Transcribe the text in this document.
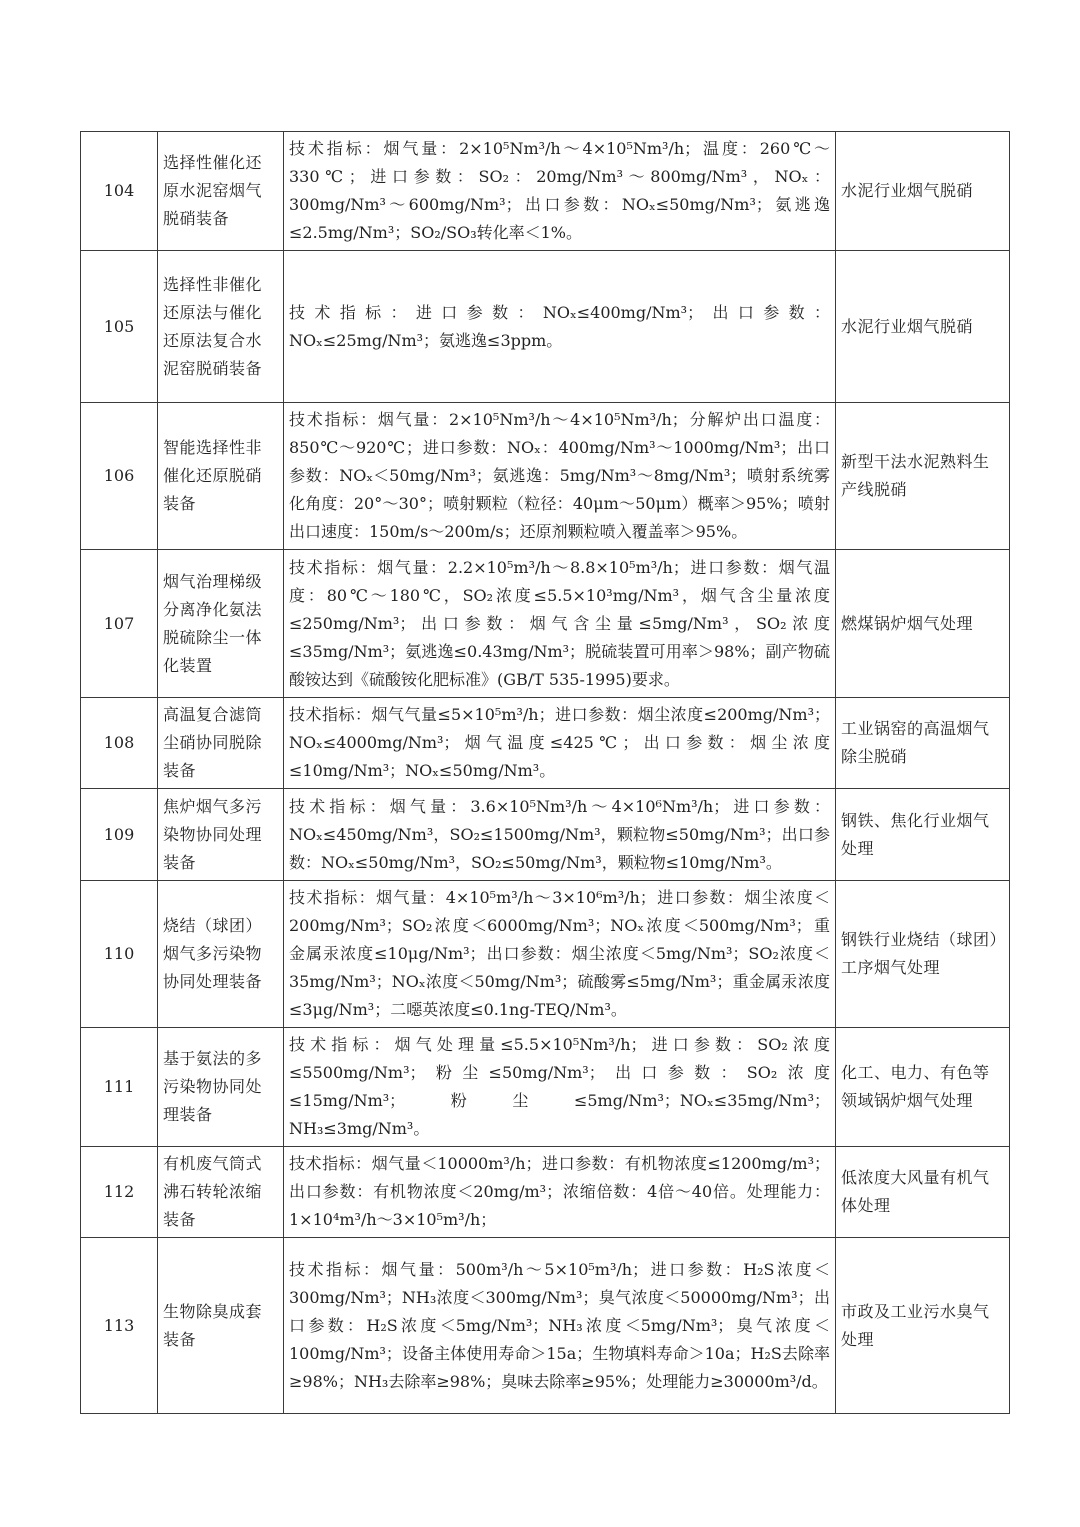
104	选择性催化还原水泥窑烟气脱硝装备	技术指标：烟气量：2×10⁵Nm³/h～4×10⁵Nm³/h；温度：260℃～330℃；进口参数：SO₂：20mg/Nm³～800mg/Nm³，NOₓ：300mg/Nm³～600mg/Nm³；出口参数：NOₓ≤50mg/Nm³；氨逃逸≤2.5mg/Nm³；SO₂/SO₃转化率＜1%。	水泥行业烟气脱硝
105	选择性非催化还原法与催化还原法复合水泥窑脱硝装备	技术指标：进口参数：NOₓ≤400mg/Nm³；出口参数：NOₓ≤25mg/Nm³；氨逃逸≤3ppm。	水泥行业烟气脱硝
106	智能选择性非催化还原脱硝装备	技术指标：烟气量：2×10⁵Nm³/h～4×10⁵Nm³/h；分解炉出口温度：850℃～920℃；进口参数：NOₓ：400mg/Nm³～1000mg/Nm³；出口参数：NOₓ＜50mg/Nm³；氨逃逸：5mg/Nm³～8mg/Nm³；喷射系统雾化角度：20°～30°；喷射颗粒（粒径：40μm～50μm）概率＞95%；喷射出口速度：150m/s～200m/s；还原剂颗粒喷入覆盖率＞95%。	新型干法水泥熟料生产线脱硝
107	烟气治理梯级分离净化氨法脱硫除尘一体化装置	技术指标：烟气量：2.2×10⁵m³/h～8.8×10⁵m³/h；进口参数：烟气温度：80℃～180℃，SO₂浓度≤5.5×10³mg/Nm³，烟气含尘量浓度≤250mg/Nm³；出口参数：烟气含尘量≤5mg/Nm³，SO₂浓度≤35mg/Nm³；氨逃逸≤0.43mg/Nm³；脱硫装置可用率＞98%；副产物硫酸铵达到《硫酸铵化肥标准》(GB/T 535-1995)要求。	燃煤锅炉烟气处理
108	高温复合滤筒尘硝协同脱除装备	技术指标：烟气气量≤5×10⁵m³/h；进口参数：烟尘浓度≤200mg/Nm³；NOₓ≤4000mg/Nm³；烟气温度≤425℃；出口参数：烟尘浓度≤10mg/Nm³；NOₓ≤50mg/Nm³。	工业锅窑的高温烟气除尘脱硝
109	焦炉烟气多污染物协同处理装备	技术指标：烟气量：3.6×10⁵Nm³/h～4×10⁶Nm³/h；进口参数：NOₓ≤450mg/Nm³，SO₂≤1500mg/Nm³，颗粒物≤50mg/Nm³；出口参数：NOₓ≤50mg/Nm³，SO₂≤50mg/Nm³，颗粒物≤10mg/Nm³。	钢铁、焦化行业烟气处理
110	烧结（球团）烟气多污染物协同处理装备	技术指标：烟气量：4×10⁵m³/h～3×10⁶m³/h；进口参数：烟尘浓度＜200mg/Nm³；SO₂浓度＜6000mg/Nm³；NOₓ浓度＜500mg/Nm³；重金属汞浓度≤10μg/Nm³；出口参数：烟尘浓度＜5mg/Nm³；SO₂浓度＜35mg/Nm³；NOₓ浓度＜50mg/Nm³；硫酸雾≤5mg/Nm³；重金属汞浓度≤3μg/Nm³；二噁英浓度≤0.1ng-TEQ/Nm³。	钢铁行业烧结（球团）工序烟气处理
111	基于氨法的多污染物协同处理装备	技术指标：烟气处理量≤5.5×10⁵Nm³/h；进口参数：SO₂浓度≤5500mg/Nm³；粉尘≤50mg/Nm³；出口参数：SO₂浓度≤15mg/Nm³；粉尘≤5mg/Nm³；NOₓ≤35mg/Nm³；NH₃≤3mg/Nm³。	化工、电力、有色等领域锅炉烟气处理
112	有机废气筒式沸石转轮浓缩装备	技术指标：烟气量＜10000m³/h；进口参数：有机物浓度≤1200mg/m³；出口参数：有机物浓度＜20mg/m³；浓缩倍数：4倍～40倍。处理能力：1×10⁴m³/h～3×10⁵m³/h；	低浓度大风量有机气体处理
113	生物除臭成套装备	技术指标：烟气量：500m³/h～5×10⁵m³/h；进口参数：H₂S浓度＜300mg/Nm³；NH₃浓度＜300mg/Nm³；臭气浓度＜50000mg/Nm³；出口参数：H₂S浓度＜5mg/Nm³；NH₃浓度＜5mg/Nm³；臭气浓度＜100mg/Nm³；设备主体使用寿命＞15a；生物填料寿命＞10a；H₂S去除率≥98%；NH₃去除率≥98%；臭味去除率≥95%；处理能力≥30000m³/d。	市政及工业污水臭气处理
